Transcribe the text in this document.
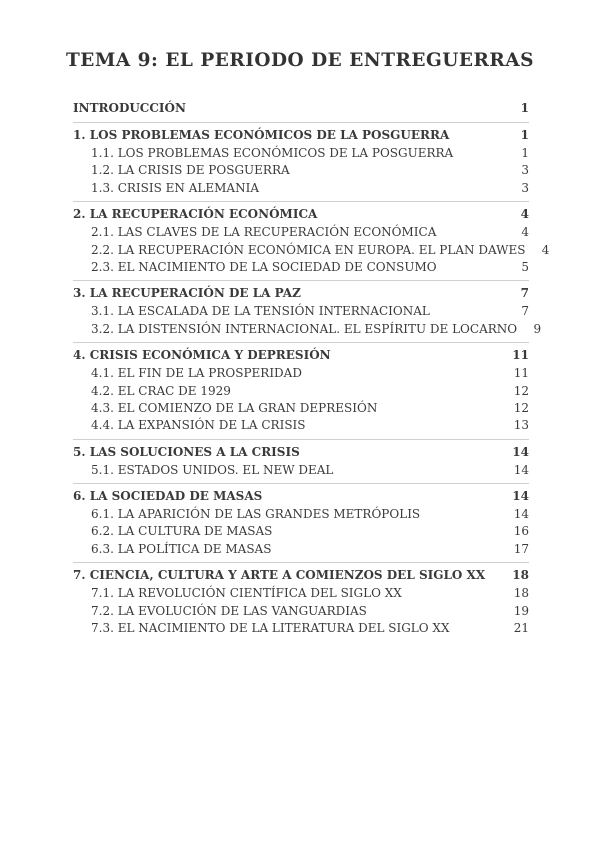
TEMA 9: EL PERIODO DE ENTREGUERRAS
INTRODUCCIÓN	1
1. LOS PROBLEMAS ECONÓMICOS DE LA POSGUERRA	1
1.1. LOS PROBLEMAS ECONÓMICOS DE LA POSGUERRA	1
1.2. LA CRISIS DE POSGUERRA	3
1.3. CRISIS EN ALEMANIA	3
2. LA RECUPERACIÓN ECONÓMICA	4
2.1. LAS CLAVES DE LA RECUPERACIÓN ECONÓMICA	4
2.2. LA RECUPERACIÓN ECONÓMICA EN EUROPA. EL PLAN DAWES	4
2.3. EL NACIMIENTO DE LA SOCIEDAD DE CONSUMO	5
3. LA RECUPERACIÓN DE LA PAZ	7
3.1. LA ESCALADA DE LA TENSIÓN INTERNACIONAL	7
3.2. LA DISTENSIÓN INTERNACIONAL. EL ESPÍRITU DE LOCARNO	9
4. CRISIS ECONÓMICA Y DEPRESIÓN	11
4.1. EL FIN DE LA PROSPERIDAD	11
4.2. EL CRAC DE 1929	12
4.3. EL COMIENZO DE LA GRAN DEPRESIÓN	12
4.4. LA EXPANSIÓN DE LA CRISIS	13
5. LAS SOLUCIONES A LA CRISIS	14
5.1. ESTADOS UNIDOS. EL NEW DEAL	14
6. LA SOCIEDAD DE MASAS	14
6.1. LA APARICIÓN DE LAS GRANDES METRÓPOLIS	14
6.2. LA CULTURA DE MASAS	16
6.3. LA POLÍTICA DE MASAS	17
7. CIENCIA, CULTURA Y ARTE A COMIENZOS DEL SIGLO XX	18
7.1. LA REVOLUCIÓN CIENTÍFICA DEL SIGLO XX	18
7.2. LA EVOLUCIÓN DE LAS VANGUARDIAS	19
7.3. EL NACIMIENTO DE LA LITERATURA DEL SIGLO XX	21
